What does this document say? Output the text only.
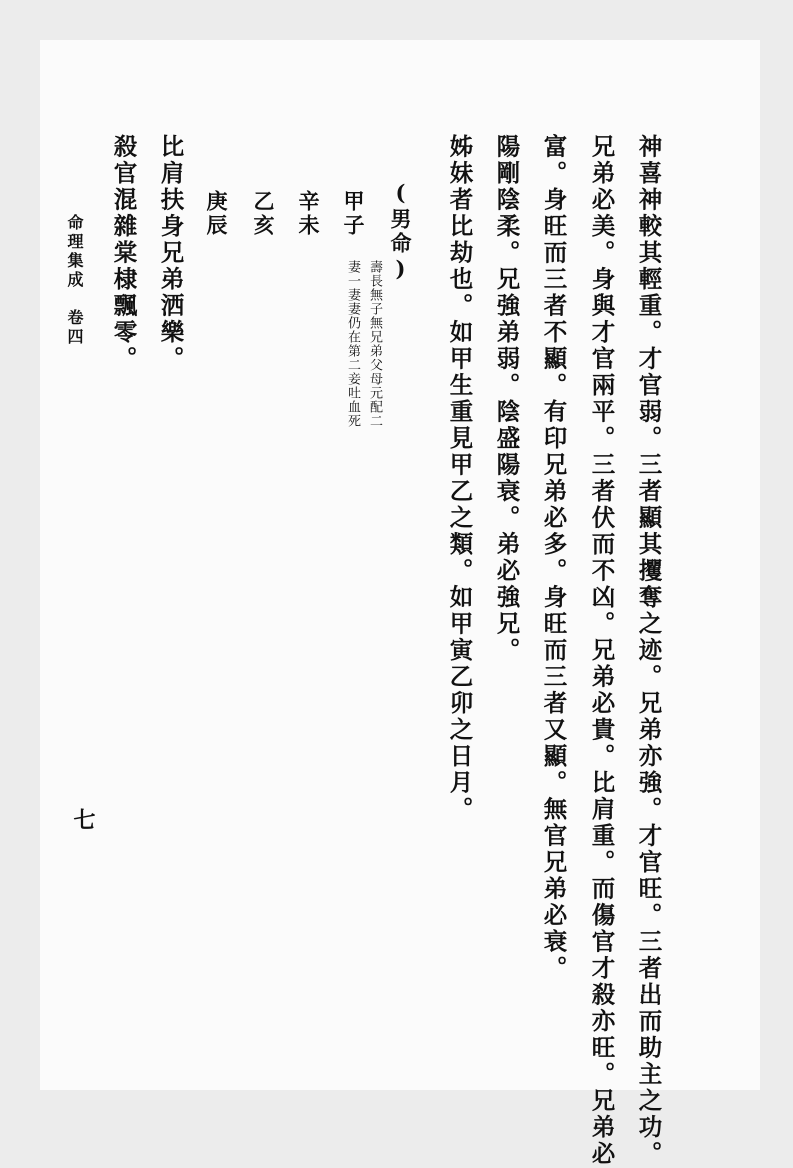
神喜神較其輕重。才官弱。三者顯其攫奪之迹。兄弟亦強。才官旺。三者出而助主之功。
兄弟必美。身與才官兩平。三者伏而不凶。兄弟必貴。比肩重。而傷官才殺亦旺。兄弟必
富。身旺而三者不顯。有印兄弟必多。身旺而三者又顯。無官兄弟必衰。
陽剛陰柔。兄強弟弱。陰盛陽衰。弟必強兄。
姊妹者比劫也。如甲生重見甲乙之類。如甲寅乙卯之日月。
(男命)
甲子
壽長無子無兄弟父母元配二
妻一妻妻仍在第二妾吐血死
辛未
乙亥
庚辰
比肩扶身兄弟洒樂。
殺官混雜棠棣飄零。
命理集成　卷四
七
